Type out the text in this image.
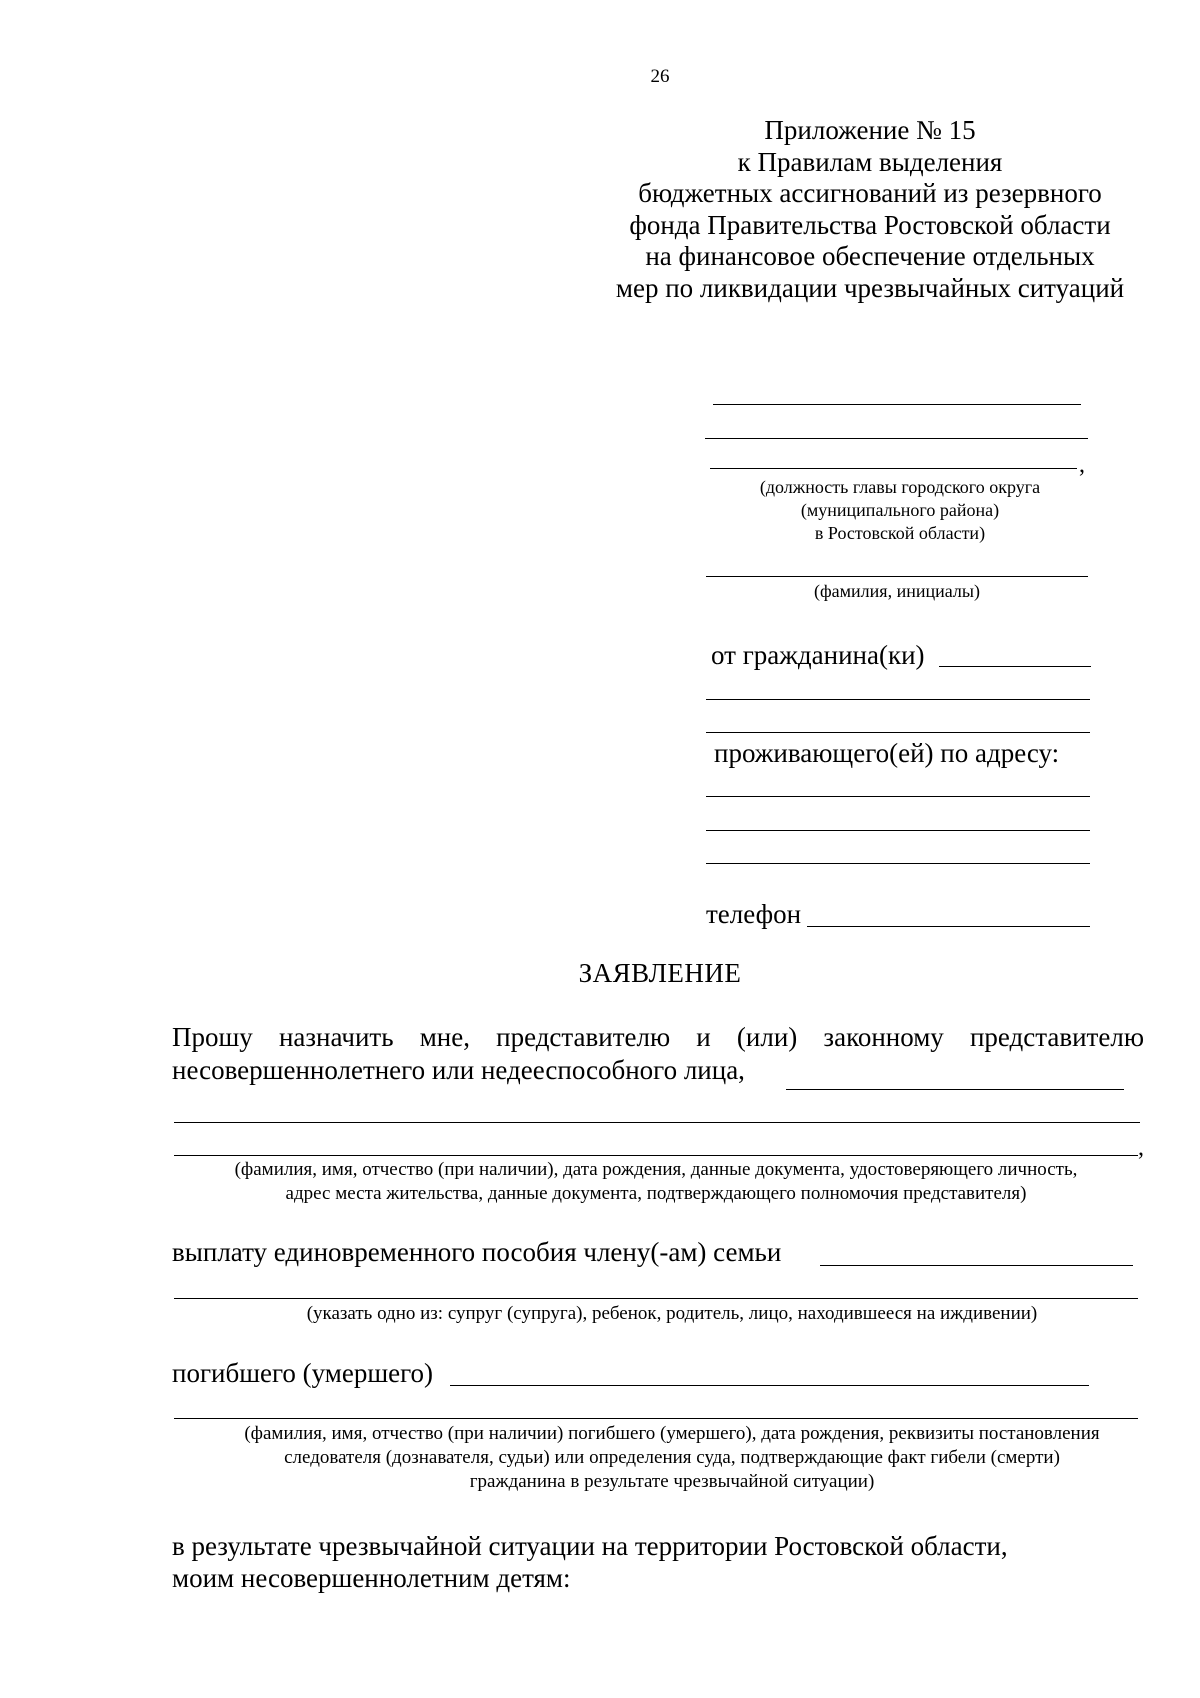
26
Приложение № 15
к Правилам выделения
бюджетных ассигнований из резервного
фонда Правительства Ростовской области
на финансовое обеспечение отдельных
мер по ликвидации чрезвычайных ситуаций
,
(должность главы городского округа
(муниципального района)
в Ростовской области)
(фамилия, инициалы)
от гражданина(ки)
проживающего(ей) по адресу:
телефон
ЗАЯВЛЕНИЕ
Прошу назначить мне, представителю и (или) законному представителю
несовершеннолетнего или недееспособного лица,
,
(фамилия, имя, отчество (при наличии), дата рождения, данные документа, удостоверяющего личность,
адрес места жительства, данные документа, подтверждающего полномочия представителя)
выплату единовременного пособия члену(-ам) семьи
(указать одно из: супруг (супруга), ребенок, родитель, лицо, находившееся на иждивении)
погибшего (умершего)
(фамилия, имя, отчество (при наличии) погибшего (умершего), дата рождения, реквизиты постановления
следователя (дознавателя, судьи) или определения суда, подтверждающие факт гибели (смерти)
гражданина в результате чрезвычайной ситуации)
в результате чрезвычайной ситуации на территории Ростовской области,
моим несовершеннолетним детям:
